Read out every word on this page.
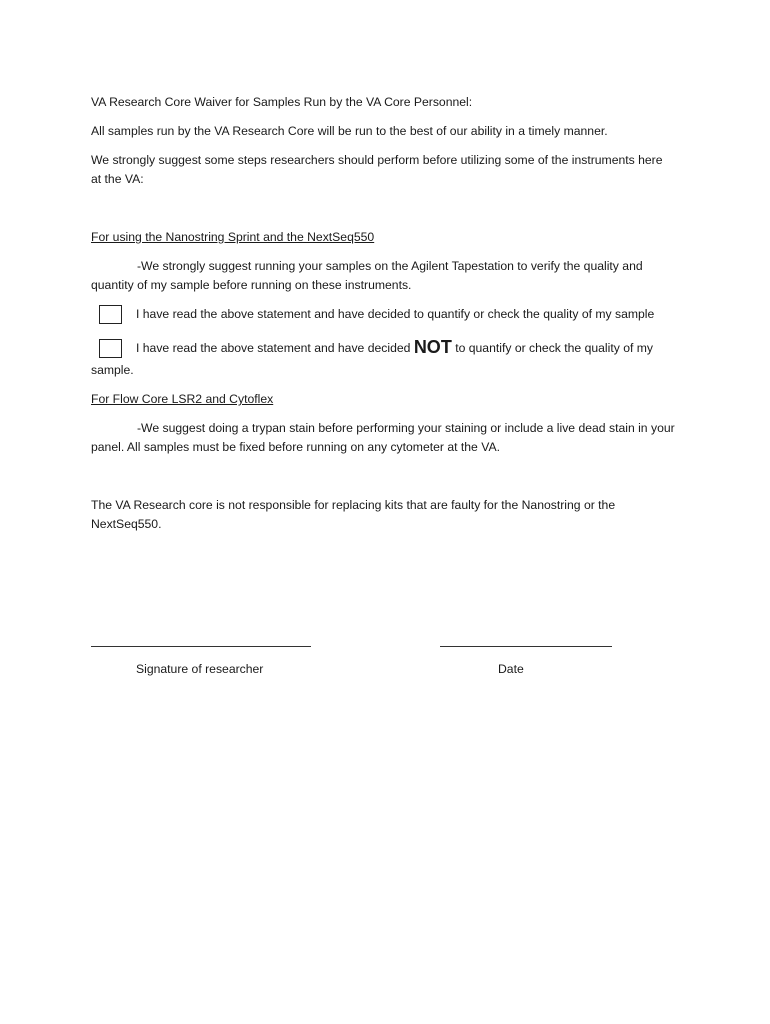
VA Research Core Waiver for Samples Run by the VA Core Personnel:
All samples run by the VA Research Core will be run to the best of our ability in a timely manner.
We strongly suggest some steps researchers should perform before utilizing some of the instruments here at the VA:
For using the Nanostring Sprint and the NextSeq550
-We strongly suggest running your samples on the Agilent Tapestation to verify the quality and quantity of my sample before running on these instruments.
I have read the above statement and have decided to quantify or check the quality of my sample
I have read the above statement and have decided NOT to quantify or check the quality of my
sample.
For Flow Core LSR2 and Cytoflex
-We suggest doing a trypan stain before performing your staining or include a live dead stain in your panel. All samples must be fixed before running on any cytometer at the VA.
The VA Research core is not responsible for replacing kits that are faulty for the Nanostring or the NextSeq550.
Signature of researcher	Date
